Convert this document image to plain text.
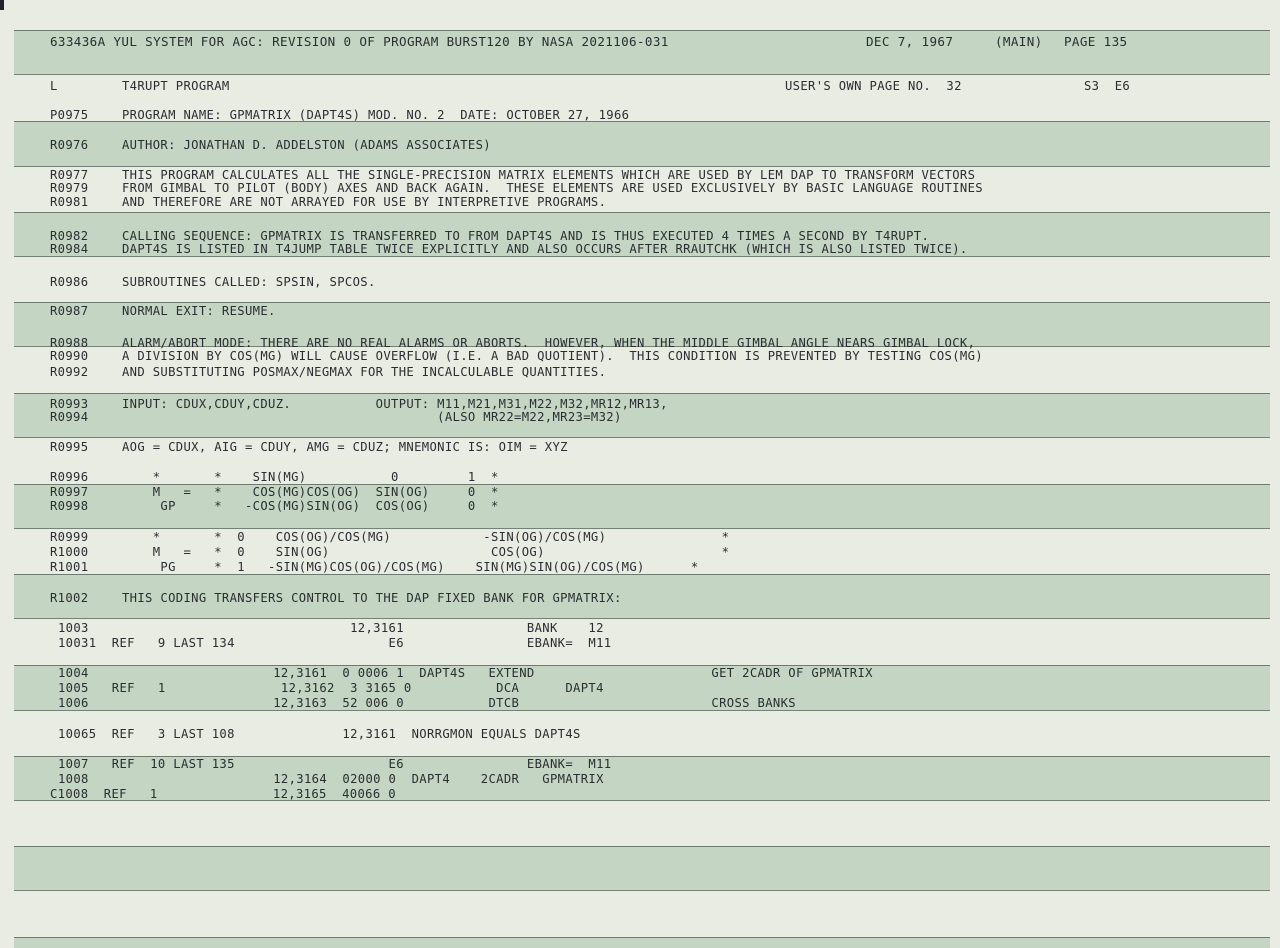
633436A YUL SYSTEM FOR AGC: REVISION 0 OF PROGRAM BURST120 BY NASA 2021106-031	DEC 7, 1967	(MAIN) PAGE 135
L	T4RUPT PROGRAM	USER'S OWN PAGE NO.  32	S3  E6
P0975	PROGRAM NAME: GPMATRIX (DAPT4S) MOD. NO. 2  DATE: OCTOBER 27, 1966
R0976	AUTHOR: JONATHAN D. ADDELSTON (ADAMS ASSOCIATES)
R0977	THIS PROGRAM CALCULATES ALL THE SINGLE-PRECISION MATRIX ELEMENTS WHICH ARE USED BY LEM DAP TO TRANSFORM VECTORS
R0979	FROM GIMBAL TO PILOT (BODY) AXES AND BACK AGAIN.  THESE ELEMENTS ARE USED EXCLUSIVELY BY BASIC LANGUAGE ROUTINES
R0981	AND THEREFORE ARE NOT ARRAYED FOR USE BY INTERPRETIVE PROGRAMS.
R0982	CALLING SEQUENCE: GPMATRIX IS TRANSFERRED TO FROM DAPT4S AND IS THUS EXECUTED 4 TIMES A SECOND BY T4RUPT.
R0984	DAPT4S IS LISTED IN T4JUMP TABLE TWICE EXPLICITLY AND ALSO OCCURS AFTER RRAUTCHK (WHICH IS ALSO LISTED TWICE).
R0986	SUBROUTINES CALLED: SPSIN, SPCOS.
R0987	NORMAL EXIT: RESUME.
R0988	ALARM/ABORT MODE: THERE ARE NO REAL ALARMS OR ABORTS.  HOWEVER, WHEN THE MIDDLE GIMBAL ANGLE NEARS GIMBAL LOCK,
R0990	A DIVISION BY COS(MG) WILL CAUSE OVERFLOW (I.E. A BAD QUOTIENT).  THIS CONDITION IS PREVENTED BY TESTING COS(MG)
R0992	AND SUBSTITUTING POSMAX/NEGMAX FOR THE INCALCULABLE QUANTITIES.
R0993	INPUT: CDUX,CDUY,CDUZ.           OUTPUT: M11,M21,M31,M22,M32,MR12,MR13,
R0994	(ALSO MR22=M22,MR23=M32)
R0995	AOG = CDUX, AIG = CDUY, AMG = CDUZ; MNEMONIC IS: OIM = XYZ
R0996	*       *    SIN(MG)           0         1  *
R0997	M   =   *    COS(MG)COS(OG)  SIN(OG)     0  *
R0998	GP     *   -COS(MG)SIN(OG)  COS(OG)     0  *
R0999	*       *  0    COS(OG)/COS(MG)            -SIN(OG)/COS(MG)               *
R1000	M   =   *  0    SIN(OG)                     COS(OG)                       *
R1001	PG     *  1   -SIN(MG)COS(OG)/COS(MG)    SIN(MG)SIN(OG)/COS(MG)      *
R1002	THIS CODING TRANSFERS CONTROL TO THE DAP FIXED BANK FOR GPMATRIX:
1003                                  12,3161                BANK    12
10031  REF   9 LAST 134                    E6                EBANK=  M11
1004                        12,3161  0 0006 1  DAPT4S   EXTEND                       GET 2CADR OF GPMATRIX
1005   REF   1               12,3162  3 3165 0           DCA      DAPT4
1006                        12,3163  52 006 0           DTCB                         CROSS BANKS
10065  REF   3 LAST 108              12,3161  NORRGMON EQUALS DAPT4S
1007   REF  10 LAST 135                    E6                EBANK=  M11
1008                        12,3164  02000 0  DAPT4    2CADR   GPMATRIX
C1008  REF   1               12,3165  40066 0
